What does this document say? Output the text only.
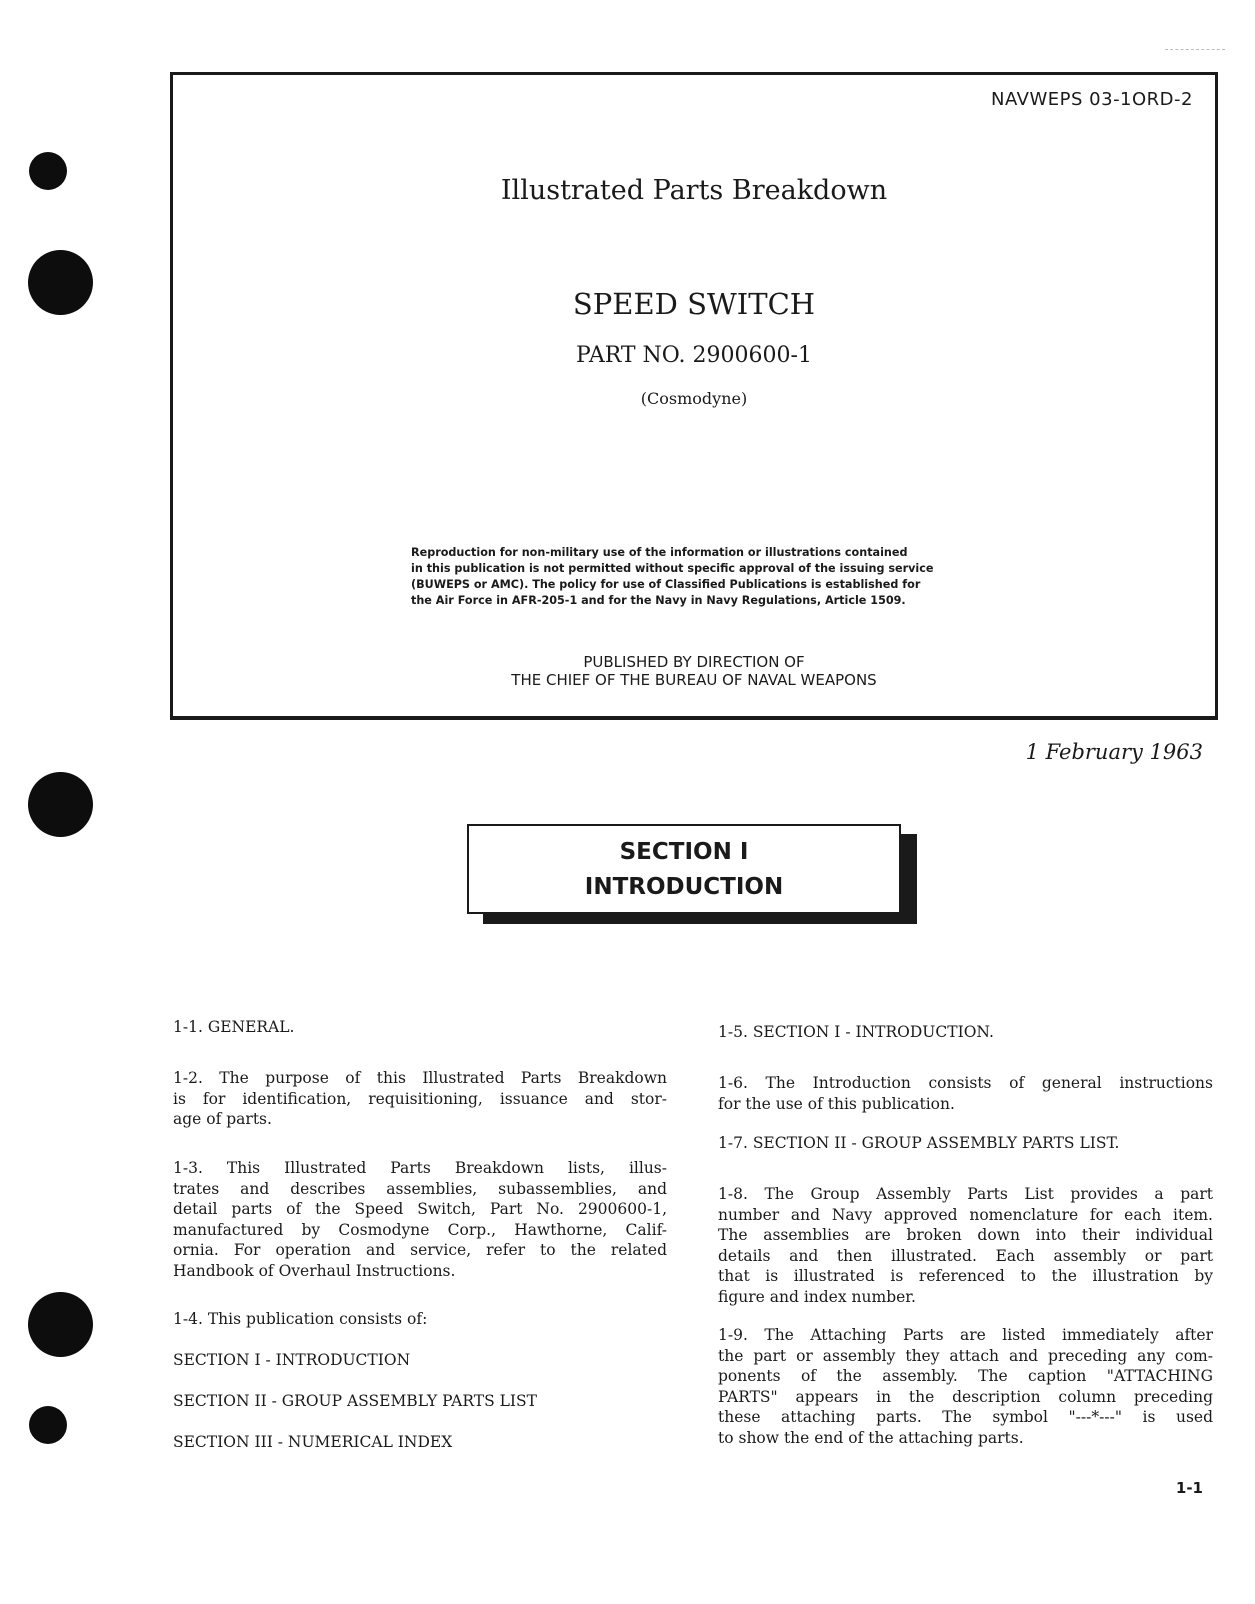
NAVWEPS 03-1ORD-2
Illustrated Parts Breakdown
SPEED SWITCH
PART NO. 2900600-1
(Cosmodyne)
Reproduction for non-military use of the information or illustrations contained
in this publication is not permitted without specific approval of the issuing service
(BUWEPS or AMC). The policy for use of Classified Publications is established for
the Air Force in AFR-205-1 and for the Navy in Navy Regulations, Article 1509.
PUBLISHED BY DIRECTION OF
THE CHIEF OF THE BUREAU OF NAVAL WEAPONS
1 February 1963
SECTION I
INTRODUCTION

1-1. GENERAL.

1-2. The purpose of this Illustrated Parts Breakdown
is for identification, requisitioning, issuance and stor-
age of parts.

1-3. This Illustrated Parts Breakdown lists, illus-
trates and describes assemblies, subassemblies, and
detail parts of the Speed Switch, Part No. 2900600-1,
manufactured by Cosmodyne Corp., Hawthorne, Calif-
ornia. For operation and service, refer to the related
Handbook of Overhaul Instructions.

1-4. This publication consists of:

SECTION I - INTRODUCTION

SECTION II - GROUP ASSEMBLY PARTS LIST

SECTION III - NUMERICAL INDEX

1-5. SECTION I - INTRODUCTION.

1-6. The Introduction consists of general instructions
for the use of this publication.

1-7. SECTION II - GROUP ASSEMBLY PARTS LIST.

1-8. The Group Assembly Parts List provides a part
number and Navy approved nomenclature for each item.
The assemblies are broken down into their individual
details and then illustrated. Each assembly or part
that is illustrated is referenced to the illustration by
figure and index number.

1-9. The Attaching Parts are listed immediately after
the part or assembly they attach and preceding any com-
ponents of the assembly. The caption "ATTACHING
PARTS" appears in the description column preceding
these attaching parts. The symbol "---*---" is used
to show the end of the attaching parts.

1-1
